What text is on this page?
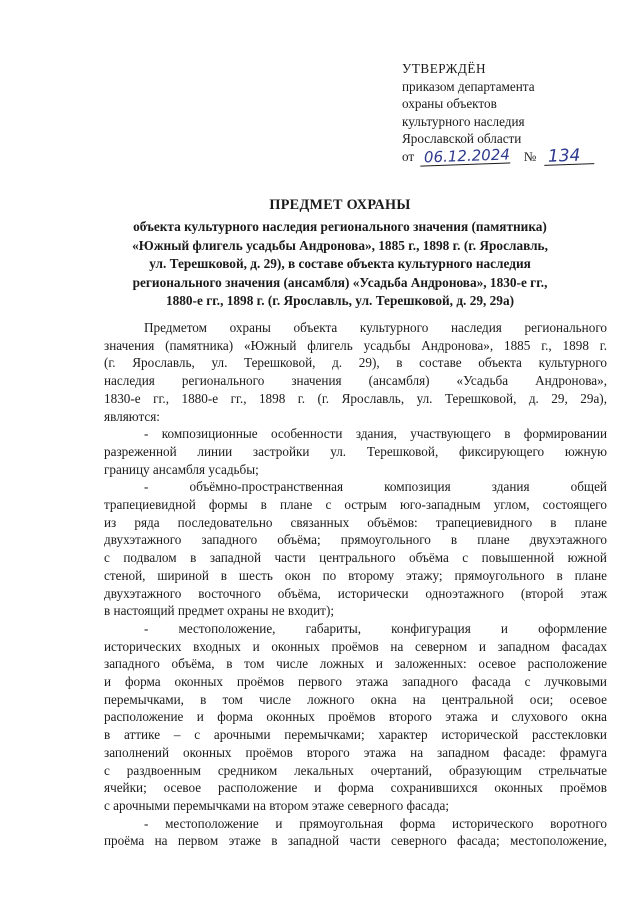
УТВЕРЖДЁН
приказом департамента
охраны объектов
культурного наследия
Ярославской области
от 06.12.2024 № 134
ПРЕДМЕТ ОХРАНЫ
объекта культурного наследия регионального значения (памятника)
«Южный флигель усадьбы Андронова», 1885 г., 1898 г. (г. Ярославль,
ул. Терешковой, д. 29), в составе объекта культурного наследия
регионального значения (ансамбля) «Усадьба Андронова», 1830-е гг.,
1880-е гг., 1898 г. (г. Ярославль, ул. Терешковой, д. 29, 29а)

Предметом охраны объекта культурного наследия регионального
значения (памятника) «Южный флигель усадьбы Андронова», 1885 г., 1898 г.
(г. Ярославль, ул. Терешковой, д. 29), в составе объекта культурного
наследия регионального значения (ансамбля) «Усадьба Андронова»,
1830-е гг., 1880-е гг., 1898 г. (г. Ярославль, ул. Терешковой, д. 29, 29а),
являются:

- композиционные особенности здания, участвующего в формировании
разреженной линии застройки ул. Терешковой, фиксирующего южную
границу ансамбля усадьбы;

- объёмно-пространственная композиция здания общей
трапециевидной формы в плане с острым юго-западным углом, состоящего
из ряда последовательно связанных объёмов: трапециевидного в плане
двухэтажного западного объёма; прямоугольного в плане двухэтажного
с подвалом в западной части центрального объёма с повышенной южной
стеной, шириной в шесть окон по второму этажу; прямоугольного в плане
двухэтажного восточного объёма, исторически одноэтажного (второй этаж
в настоящий предмет охраны не входит);

- местоположение, габариты, конфигурация и оформление
исторических входных и оконных проёмов на северном и западном фасадах
западного объёма, в том числе ложных и заложенных: осевое расположение
и форма оконных проёмов первого этажа западного фасада с лучковыми
перемычками, в том числе ложного окна на центральной оси; осевое
расположение и форма оконных проёмов второго этажа и слухового окна
в аттике – с арочными перемычками; характер исторической расстекловки
заполнений оконных проёмов второго этажа на западном фасаде: фрамуга
с раздвоенным средником лекальных очертаний, образующим стрельчатые
ячейки; осевое расположение и форма сохранившихся оконных проёмов
с арочными перемычками на втором этаже северного фасада;

- местоположение и прямоугольная форма исторического воротного
проёма на первом этаже в западной части северного фасада; местоположение,
